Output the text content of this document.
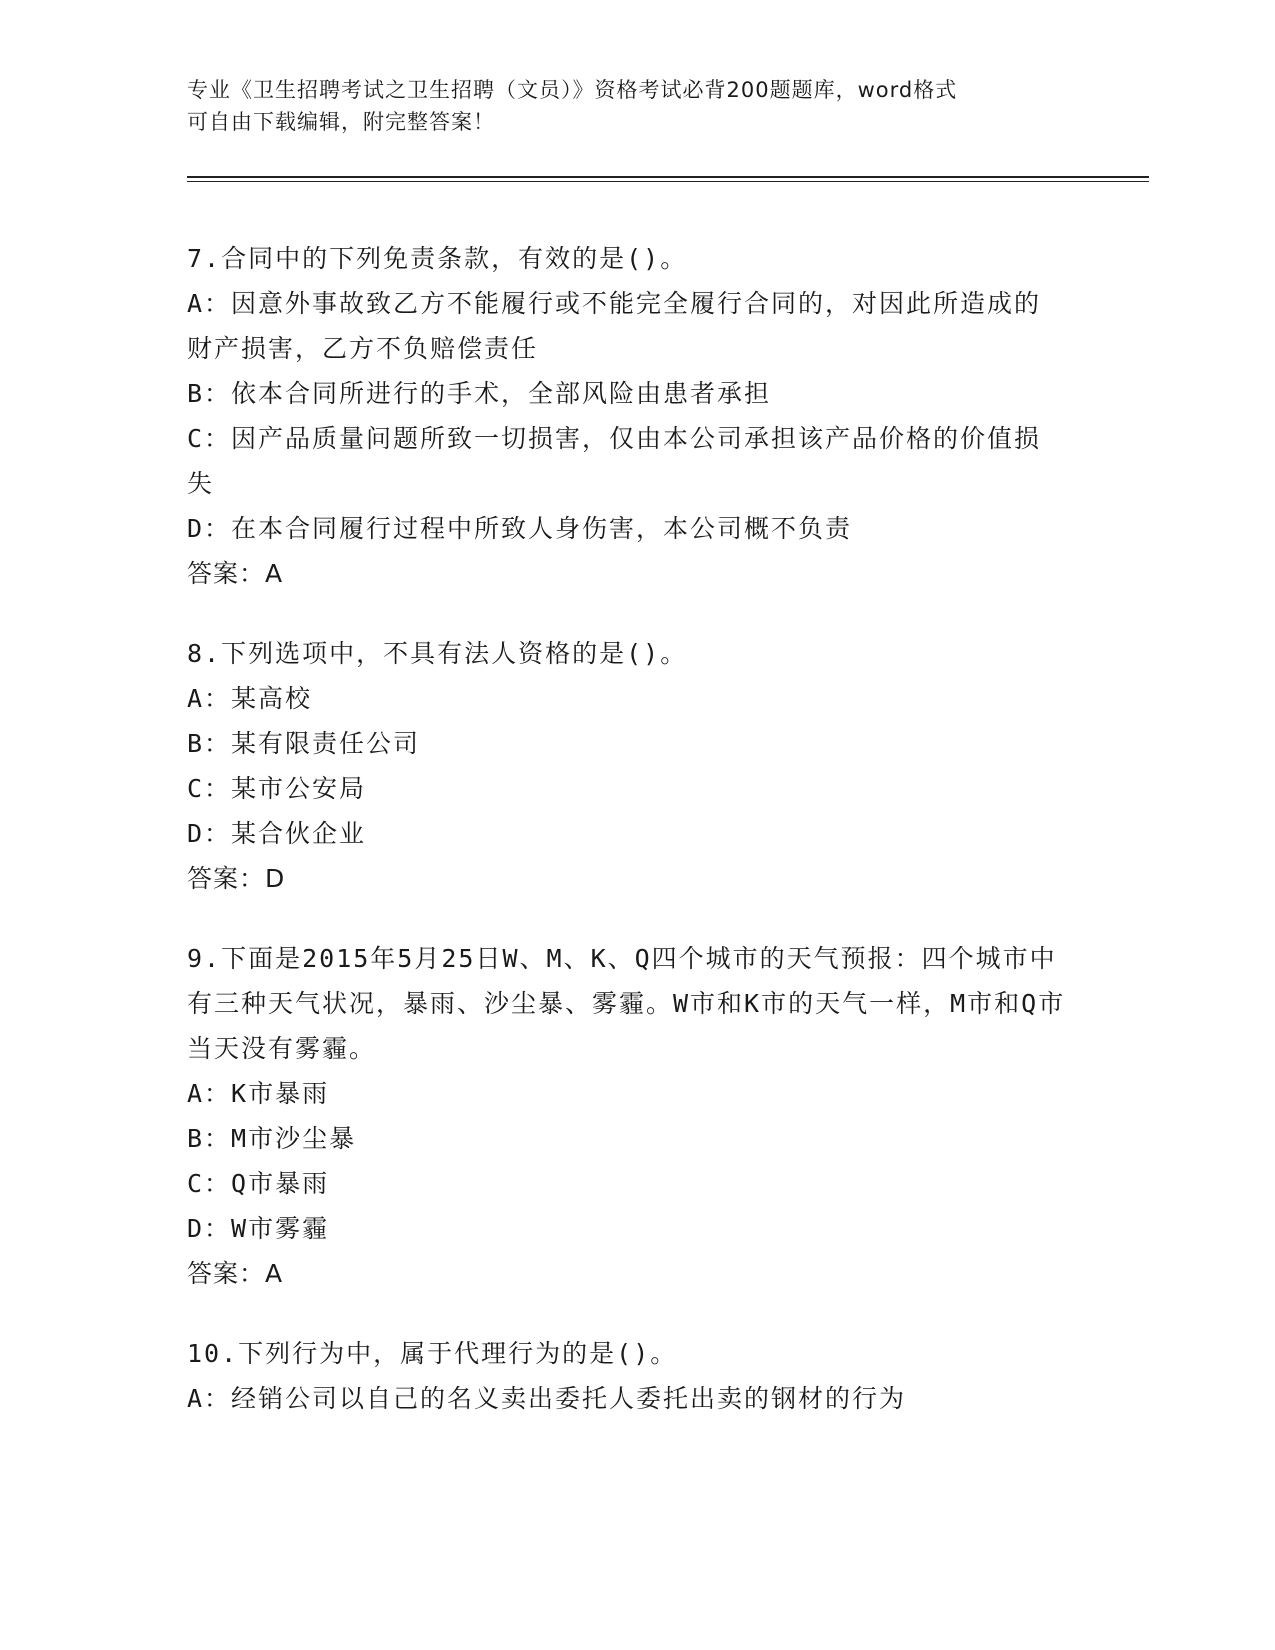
专业《卫生招聘考试之卫生招聘（文员）》资格考试必背200题题库，word格式
可自由下载编辑，附完整答案！
7.合同中的下列免责条款，有效的是()。
A：因意外事故致乙方不能履行或不能完全履行合同的，对因此所造成的财产损害，乙方不负赔偿责任
B：依本合同所进行的手术，全部风险由患者承担
C：因产品质量问题所致一切损害，仅由本公司承担该产品价格的价值损失
D：在本合同履行过程中所致人身伤害，本公司概不负责
答案：A
8.下列选项中，不具有法人资格的是()。
A：某高校
B：某有限责任公司
C：某市公安局
D：某合伙企业
答案：D
9.下面是2015年5月25日W、M、K、Q四个城市的天气预报：四个城市中有三种天气状况，暴雨、沙尘暴、雾霾。W市和K市的天气一样，M市和Q市当天没有雾霾。
A：K市暴雨
B：M市沙尘暴
C：Q市暴雨
D：W市雾霾
答案：A
10.下列行为中，属于代理行为的是()。
A：经销公司以自己的名义卖出委托人委托出卖的钢材的行为
